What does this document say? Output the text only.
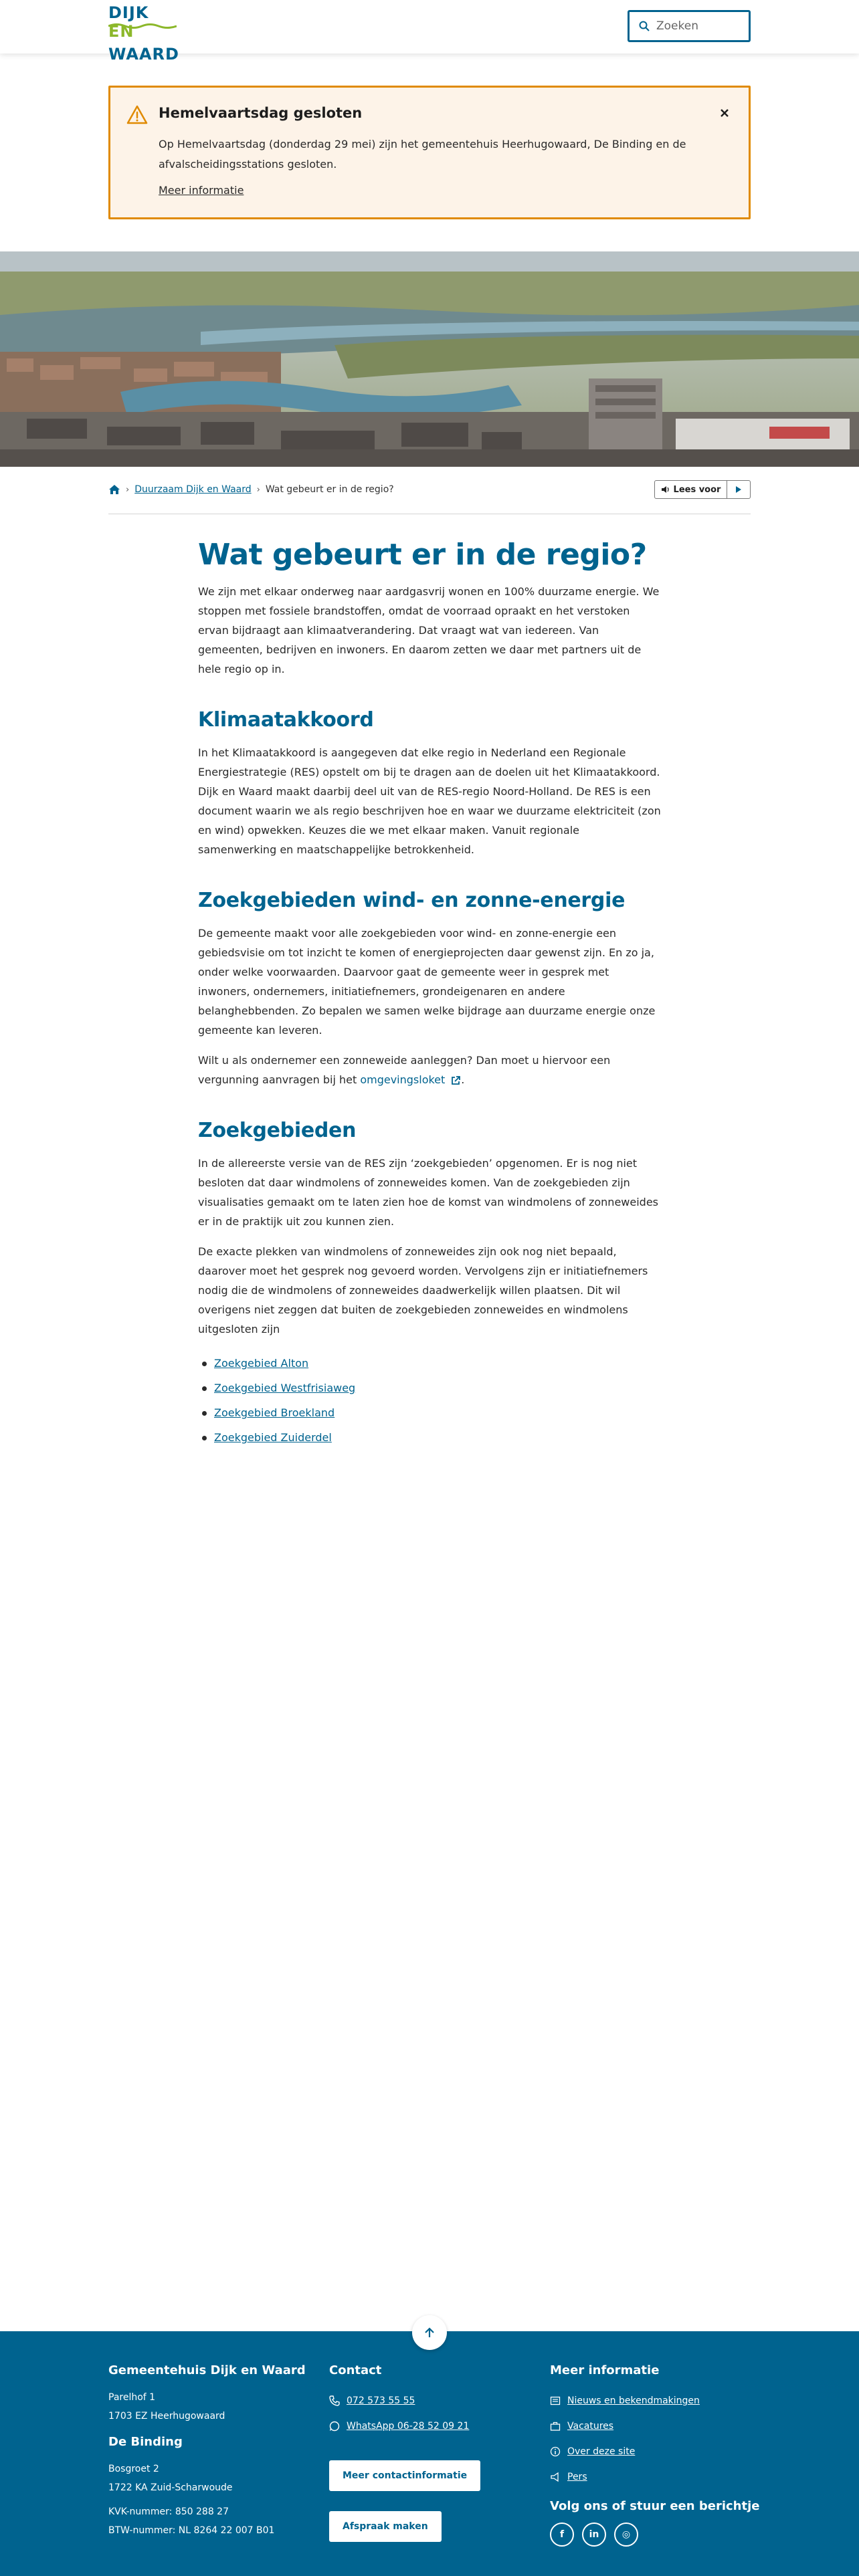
DIJK EN
WAARD
Zoeken
Hemelvaartsdag gesloten
Op Hemelvaartsdag (donderdag 29 mei) zijn het gemeentehuis Heerhugowaard, De Binding en de afvalscheidingsstations gesloten.
Meer informatie
› Duurzaam Dijk en Waard › Wat gebeurt er in de regio?	Lees voor
Wat gebeurt er in de regio?

We zijn met elkaar onderweg naar aardgasvrij wonen en 100% duurzame energie. We stoppen met fossiele brandstoffen, omdat de voorraad opraakt en het verstoken ervan bijdraagt aan klimaatverandering. Dat vraagt wat van iedereen. Van gemeenten, bedrijven en inwoners. En daarom zetten we daar met partners uit de hele regio op in.

Klimaatakkoord

In het Klimaatakkoord is aangegeven dat elke regio in Nederland een Regionale Energiestrategie (RES) opstelt om bij te dragen aan de doelen uit het Klimaatakkoord. Dijk en Waard maakt daarbij deel uit van de RES-regio Noord-Holland. De RES is een document waarin we als regio beschrijven hoe en waar we duurzame elektriciteit (zon en wind) opwekken. Keuzes die we met elkaar maken. Vanuit regionale samenwerking en maatschappelijke betrokkenheid.

Zoekgebieden wind- en zonne-energie

De gemeente maakt voor alle zoekgebieden voor wind- en zonne-energie een gebiedsvisie om tot inzicht te komen of energieprojecten daar gewenst zijn. En zo ja, onder welke voorwaarden. Daarvoor gaat de gemeente weer in gesprek met inwoners, ondernemers, initiatiefnemers, grondeigenaren en andere belanghebbenden. Zo bepalen we samen welke bijdrage aan duurzame energie onze gemeente kan leveren.

Wilt u als ondernemer een zonneweide aanleggen? Dan moet u hiervoor een vergunning aanvragen bij het omgevingsloket .

Zoekgebieden

In de allereerste versie van de RES zijn ‘zoekgebieden’ opgenomen. Er is nog niet besloten dat daar windmolens of zonneweides komen. Van de zoekgebieden zijn visualisaties gemaakt om te laten zien hoe de komst van windmolens of zonneweides er in de praktijk uit zou kunnen zien.

De exacte plekken van windmolens of zonneweides zijn ook nog niet bepaald, daarover moet het gesprek nog gevoerd worden. Vervolgens zijn er initiatiefnemers nodig die de windmolens of zonneweides daadwerkelijk willen plaatsen. Dit wil overigens niet zeggen dat buiten de zoekgebieden zonneweides en windmolens uitgesloten zijn

Zoekgebied Alton
Zoekgebied Westfrisiaweg
Zoekgebied Broekland
Zoekgebied Zuiderdel
Gemeentehuis Dijk en Waard
Parelhof 1
1703 EZ Heerhugowaard
De Binding
Bosgroet 2
1722 KA Zuid-Scharwoude
KVK-nummer: 850 288 27
BTW-nummer: NL 8264 22 007 B01
Contact
072 573 55 55
WhatsApp 06-28 52 09 21
Meer contactinformatie
Afspraak maken
Meer informatie
Nieuws en bekendmakingen
Vacatures
Over deze site
Pers
Volg ons of stuur een berichtje
f	in	◎
